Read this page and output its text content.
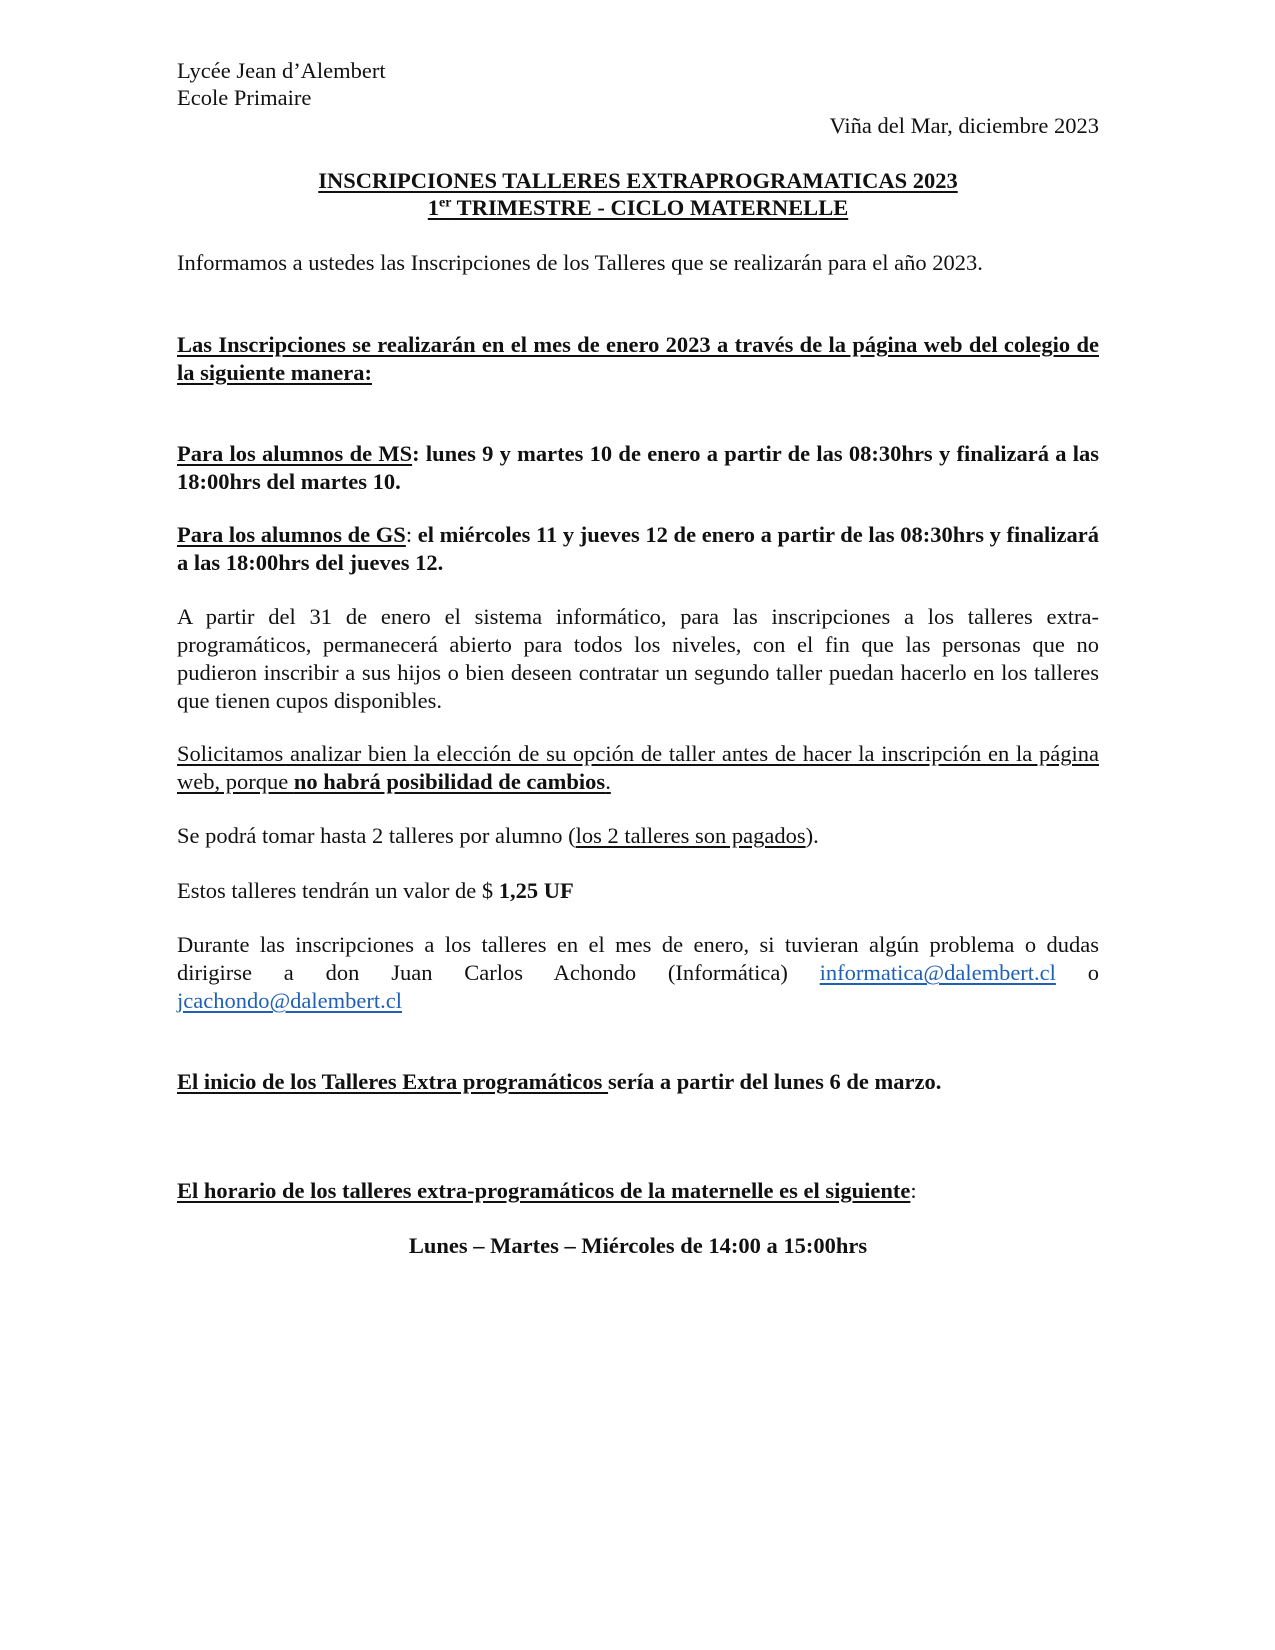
Lycée Jean d’Alembert

Ecole Primaire

Viña del Mar, diciembre 2023

INSCRIPCIONES TALLERES EXTRAPROGRAMATICAS 2023

1er TRIMESTRE - CICLO MATERNELLE

Informamos a ustedes las Inscripciones de los Talleres que se realizarán para el año 2023.

Las Inscripciones se realizarán en el mes de enero 2023 a través de la página web del colegio de la siguiente manera:

Para los alumnos de MS: lunes 9 y martes 10 de enero a partir de las 08:30hrs y finalizará a las 18:00hrs del martes 10.

Para los alumnos de GS: el miércoles 11 y jueves 12 de enero a partir de las 08:30hrs y finalizará a las 18:00hrs del jueves 12.

A partir del 31 de enero el sistema informático, para las inscripciones a los talleres extra-programáticos, permanecerá abierto para todos los niveles, con el fin que las personas que no pudieron inscribir a sus hijos o bien deseen contratar un segundo taller puedan hacerlo en los talleres que tienen cupos disponibles.

Solicitamos analizar bien la elección de su opción de taller antes de hacer la inscripción en la página web, porque no habrá posibilidad de cambios.

Se podrá tomar hasta 2 talleres por alumno (los 2 talleres son pagados).

Estos talleres tendrán un valor de $ 1,25 UF

Durante las inscripciones a los talleres en el mes de enero, si tuvieran algún problema o dudas dirigirse a don Juan Carlos Achondo (Informática) informatica@dalembert.cl o jcachondo@dalembert.cl

El inicio de los Talleres Extra programáticos sería a partir del lunes 6 de marzo.

El horario de los talleres extra-programáticos de la maternelle es el siguiente:

Lunes – Martes – Miércoles de 14:00 a 15:00hrs
